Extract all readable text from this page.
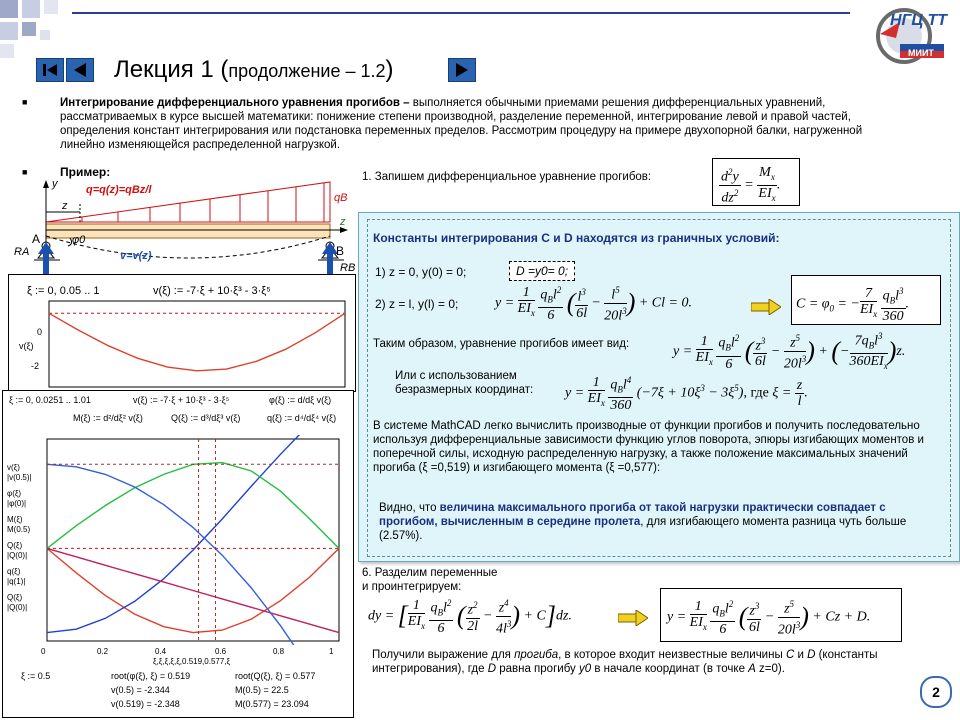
НГЦ ТТ
МИИТ
Лекция 1 (продолжение – 1.2)
■	Интегрирование дифференциального уравнения прогибов – выполняется обычными приемами решения дифференциальных уравнений, рассматриваемых в курсе высшей математики: понижение степени производной, разделение переменной, интегрирование левой и правой частей, определения констант интегрирования или подстановка переменных пределов. Рассмотрим процедуру на примере двухопорной балки, нагруженной линейно изменяющейся распределенной нагрузкой.
■	Пример:
q=q(z)=qBz/l
qB
y
z
z
A
B
φ0
v=v(z)
RA
RB
1. Запишем дифференциальное уравнение прогибов:	$\frac{d^2y}{dz^2} = \frac{M_x}{EI_x}$ .
ξ := 0, 0.05 .. 1	v(ξ) := -7·ξ + 10·ξ³ - 3·ξ⁵
v(ξ)
0
-2
ξ := 0, 0.0251 .. 1.01	v(ξ) := -7·ξ + 10·ξ³ - 3·ξ⁵	φ(ξ) := d/dξ v(ξ)
M(ξ) := d²/dξ² v(ξ)	Q(ξ) := d³/dξ³ v(ξ)	q(ξ) := d⁴/dξ⁴ v(ξ)
v(ξ)
|v(0.5)|
φ(ξ)
|φ(0)|
M(ξ)
M(0.5)
Q(ξ)
|Q(0)|
q(ξ)
|q(1)|
Q(ξ)
|Q(0)|
0	0.2	0.4	0.6	0.8	1
ξ,ξ,ξ,ξ,ξ,0.519,0.577,ξ
ξ := 0.5	root(φ(ξ), ξ) = 0.519	root(Q(ξ), ξ) = 0.577
v(0.5) = -2.344	M(0.5) = 22.5
v(0.519) = -2.348	M(0.577) = 23.094
Константы интегрирования C и D находятся из граничных условий:
1) z = 0, y(0) = 0;	D =y0= 0;
2) z = l, y(l) = 0;	$y = \frac{1}{EI_x}$
$\frac{q_Bl^2}{6}$ ( $\frac{l^3}{6l} - \frac{l^5}{20l^3}$ ) + Cl = 0.	$C = \varphi_0$ = − $\frac{7}{EI_x}$
$\frac{q_Bl^3}{360}$ .
Таким образом, уравнение прогибов имеет вид:	$y = \frac{1}{EI_x}$
$\frac{q_Bl^2}{6}$ ( $\frac{z^3}{6l} - \frac{z^5}{20l^3}$ ) + (− $\frac{7q_Bl^3}{360EI_x} )z$.
Или с использованием безразмерных координат:	$y = \frac{1}{EI_x}$
$\frac{q_Bl^4}{360} (-7\xi + 10\xi^3 - 3\xi^5)$, где $\xi = \frac{z}{l}$ .
В системе MathCAD легко вычислить производные от функции прогибов и получить последовательно используя дифференциальные зависимости функцию углов поворота, эпюры изгибающих моментов и поперечной силы, исходную распределенную нагрузку, а также положение максимальных значений прогиба (ξ =0,519) и изгибающего момента (ξ =0,577):
Видно, что величина максимального прогиба от такой нагрузки практически совпадает с прогибом, вычисленным в середине пролета, для изгибающего момента разница чуть больше (2.57%).
6. Разделим переменные
и проинтегрируем:
dy = [ $\frac{1}{EI_x}$
$\frac{q_Bl^2}{6}$ ( $\frac{z^2}{2l} - \frac{z^4}{4l^3}$ ) + C]dz.	$y = \frac{1}{EI_x}$
$\frac{q_Bl^2}{6}$ ( $\frac{z^3}{6l} - \frac{z^5}{20l^3}$ ) + Cz + D.
Получили выражение для прогиба, в которое входит неизвестные величины C и D (константы интегрирования), где D равна прогибу y0 в начале координат (в точке A z=0).
2
